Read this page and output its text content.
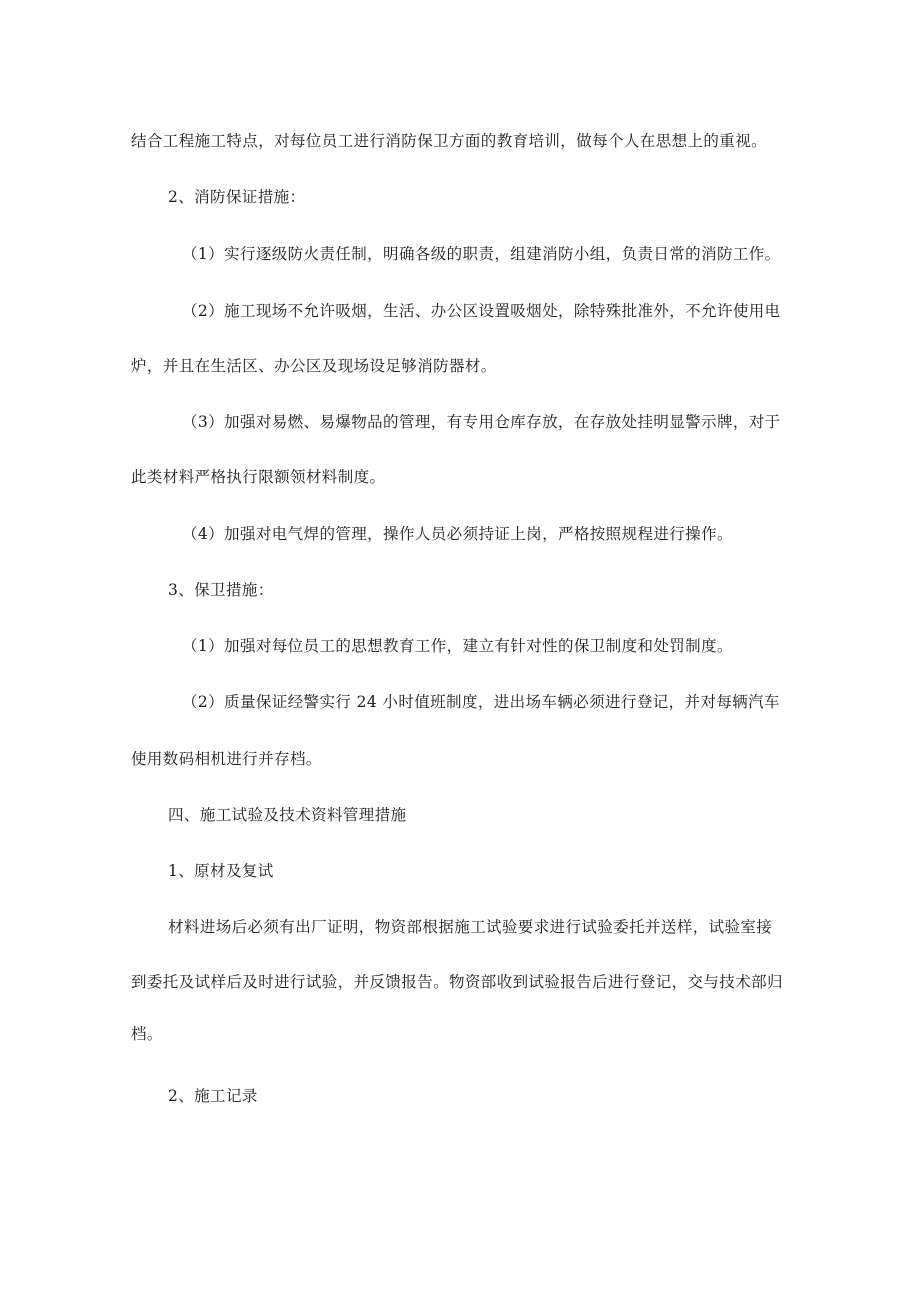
结合工程施工特点，对每位员工进行消防保卫方面的教育培训，做每个人在思想上的重视。

2、消防保证措施：

（1）实行逐级防火责任制，明确各级的职责，组建消防小组，负责日常的消防工作。

（2）施工现场不允许吸烟，生活、办公区设置吸烟处，除特殊批准外，不允许使用电

炉，并且在生活区、办公区及现场设足够消防器材。

（3）加强对易燃、易爆物品的管理，有专用仓库存放，在存放处挂明显警示牌，对于

此类材料严格执行限额领材料制度。

（4）加强对电气焊的管理，操作人员必须持证上岗，严格按照规程进行操作。

3、保卫措施：

（1）加强对每位员工的思想教育工作，建立有针对性的保卫制度和处罚制度。

（2）质量保证经警实行 24 小时值班制度，进出场车辆必须进行登记，并对每辆汽车

使用数码相机进行并存档。

四、施工试验及技术资料管理措施

1、原材及复试

材料进场后必须有出厂证明，物资部根据施工试验要求进行试验委托并送样，试验室接

到委托及试样后及时进行试验，并反馈报告。物资部收到试验报告后进行登记，交与技术部归

档。

2、施工记录
